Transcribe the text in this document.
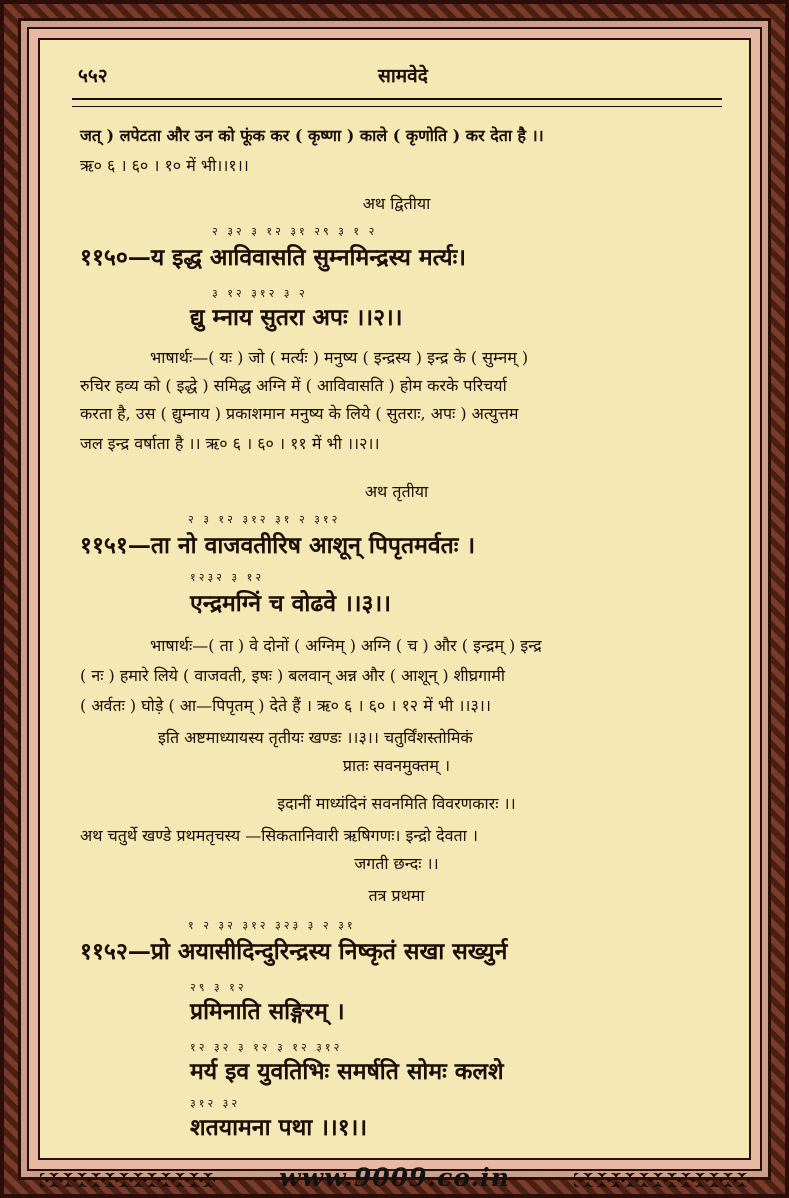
५५२	सामवेदे
जत् ) लपेटता और उन को फूंक कर ( कृष्णा ) काले ( कृणोति ) कर देता है ।।
ऋ० ६ । ६० । १० में भी।।१।।
अथ द्वितीया
२ ३२ ३ १२ ३१ २९ ३ १ २
११५०—य इद्ध आविवासति सुम्नमिन्द्रस्य मर्त्यः।
३ १२ ३१२ ३ २
द्यु म्नाय सुतरा अपः ।।२।।
भाषार्थः—( यः ) जो ( मर्त्यः ) मनुष्य ( इन्द्रस्य ) इन्द्र के ( सुम्नम् )
रुचिर हव्य को ( इद्धे ) समिद्ध अग्नि में ( आविवासति ) होम करके परिचर्या
करता है, उस ( द्युम्नाय ) प्रकाशमान मनुष्य के लिये ( सुतराः, अपः ) अत्युत्तम
जल इन्द्र वर्षाता है ।। ऋ० ६ । ६० । ११ में भी ।।२।।
अथ तृतीया
२ ३ १२ ३१२ ३१ २ ३१२
११५१—ता नो वाजवतीरिष आशून् पिपृतमर्वतः ।
१२३२ ३ १२
एन्द्रमग्निं च वोढवे ।।३।।
भाषार्थः—( ता ) वे दोनों ( अग्निम् ) अग्नि ( च ) और ( इन्द्रम् ) इन्द्र
( नः ) हमारे लिये ( वाजवती, इषः ) बलवान् अन्न और ( आशून् ) शीघ्रगामी
( अर्वतः ) घोड़े ( आ—पिपृतम् ) देते हैं । ऋ० ६ । ६० । १२ में भी ।।३।।
इति अष्टमाध्यायस्य तृतीयः खण्डः ।।३।। चतुर्विंशस्तोमिकं
प्रातः सवनमुक्तम् ।
इदानीं माध्यंदिनं सवनमिति विवरणकारः ।।
अथ चतुर्थे खण्डे प्रथमतृचस्य —सिकतानिवारी ऋषिगणः। इन्द्रो देवता ।
जगती छन्दः ।।
तत्र प्रथमा
१ २ ३२ ३१२ ३२३ ३ २ ३१
११५२—प्रो अयासीदिन्दुरिन्द्रस्य निष्कृतं सखा सख्युर्न
२९ ३ १२
प्रमिनाति सङ्गिरम् ।
१२ ३२ ३ १२ ३ १२ ३१२
मर्य इव युवतिभिः समर्षति सोमः कलशे
३१२ ३२
शतयामना पथा ।।१।।
www.9009.co.in
